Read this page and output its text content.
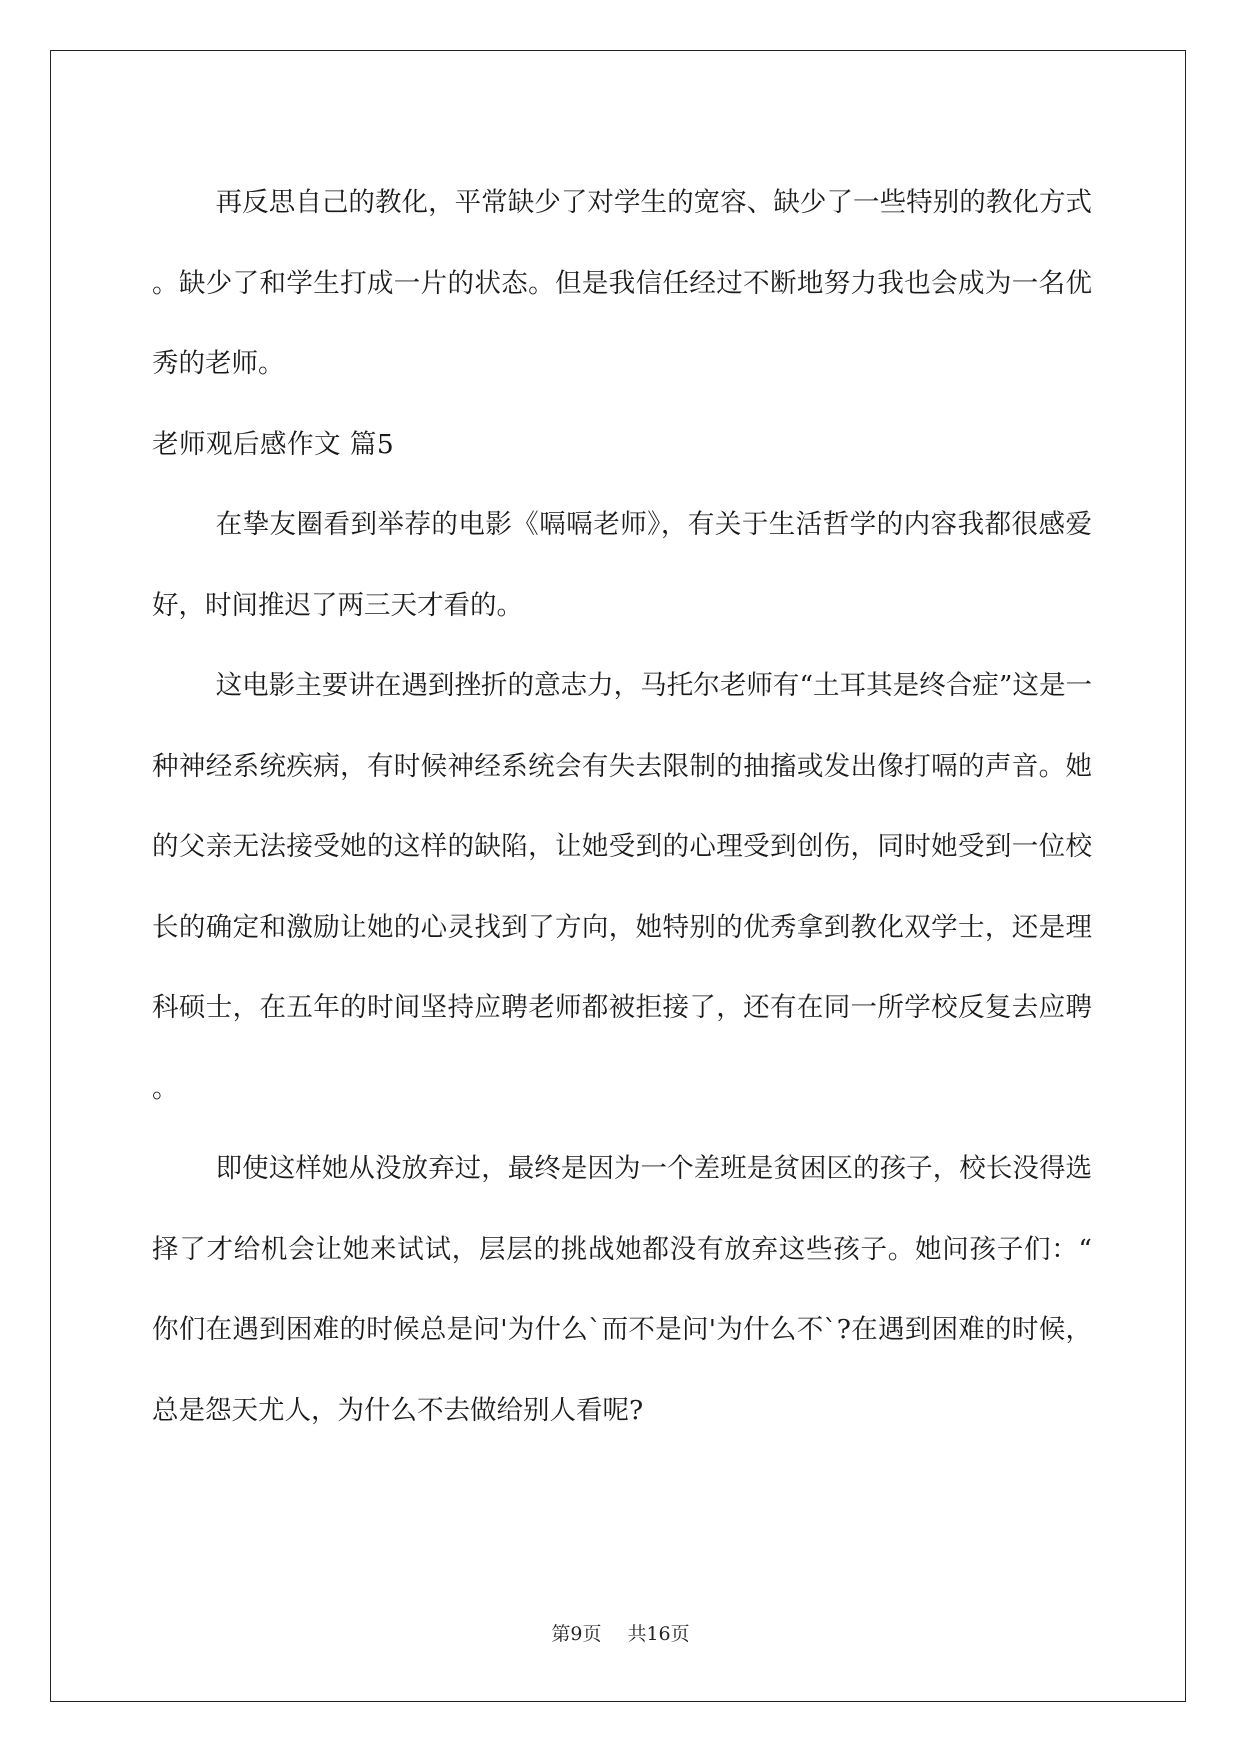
再反思自己的教化，平常缺少了对学生的宽容、缺少了一些特别的教化方式。缺少了和学生打成一片的状态。但是我信任经过不断地努力我也会成为一名优秀的老师。

老师观后感作文 篇5

在挚友圈看到举荐的电影《嗝嗝老师》，有关于生活哲学的内容我都很感爱好，时间推迟了两三天才看的。

这电影主要讲在遇到挫折的意志力，马托尔老师有“土耳其是终合症”这是一种神经系统疾病，有时候神经系统会有失去限制的抽搐或发出像打嗝的声音。她的父亲无法接受她的这样的缺陷，让她受到的心理受到创伤，同时她受到一位校长的确定和激励让她的心灵找到了方向，她特别的优秀拿到教化双学士，还是理科硕士，在五年的时间坚持应聘老师都被拒接了，还有在同一所学校反复去应聘。

即使这样她从没放弃过，最终是因为一个差班是贫困区的孩子，校长没得选择了才给机会让她来试试，层层的挑战她都没有放弃这些孩子。她问孩子们：“你们在遇到困难的时候总是问'为什么`而不是问'为什么不`?在遇到困难的时候，总是怨天尤人，为什么不去做给别人看呢?

第9页 共16页
